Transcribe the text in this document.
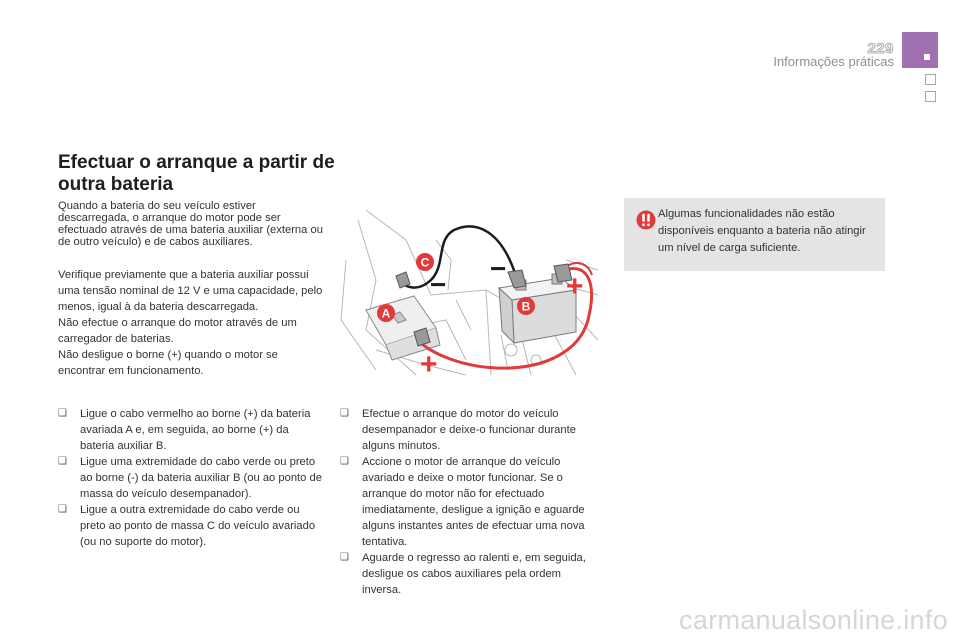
229
Informações práticas
Efectuar o arranque a partir de outra bateria

Quando a bateria do seu veículo estiver descarregada, o arranque do motor pode ser efectuado através de uma bateria auxiliar (externa ou de outro veículo) e de cabos auxiliares.

Verifique previamente que a bateria auxiliar possui uma tensão nominal de 12 V e uma capacidade, pelo menos, igual à da bateria descarregada.
Não efectue o arranque do motor através de um carregador de baterias.
Não desligue o borne (+) quando o motor se encontrar em funcionamento.

−
−	+
+
C
B
A
❑ Ligue o cabo vermelho ao borne (+) da bateria avariada A e, em seguida, ao borne (+) da bateria auxiliar B.
❑ Ligue uma extremidade do cabo verde ou preto ao borne (-) da bateria auxiliar B (ou ao ponto de massa do veículo desempanador).
❑ Ligue a outra extremidade do cabo verde ou preto ao ponto de massa C do veículo avariado (ou no suporte do motor).
❑ Efectue o arranque do motor do veículo desempanador e deixe-o funcionar durante alguns minutos.
❑ Accione o motor de arranque do veículo avariado e deixe o motor funcionar. Se o arranque do motor não for efectuado imediatamente, desligue a ignição e aguarde alguns instantes antes de efectuar uma nova tentativa.
❑ Aguarde o regresso ao ralenti e, em seguida, desligue os cabos auxiliares pela ordem inversa.

Algumas funcionalidades não estão disponíveis enquanto a bateria não atingir um nível de carga suficiente.

carmanualsonline.info
